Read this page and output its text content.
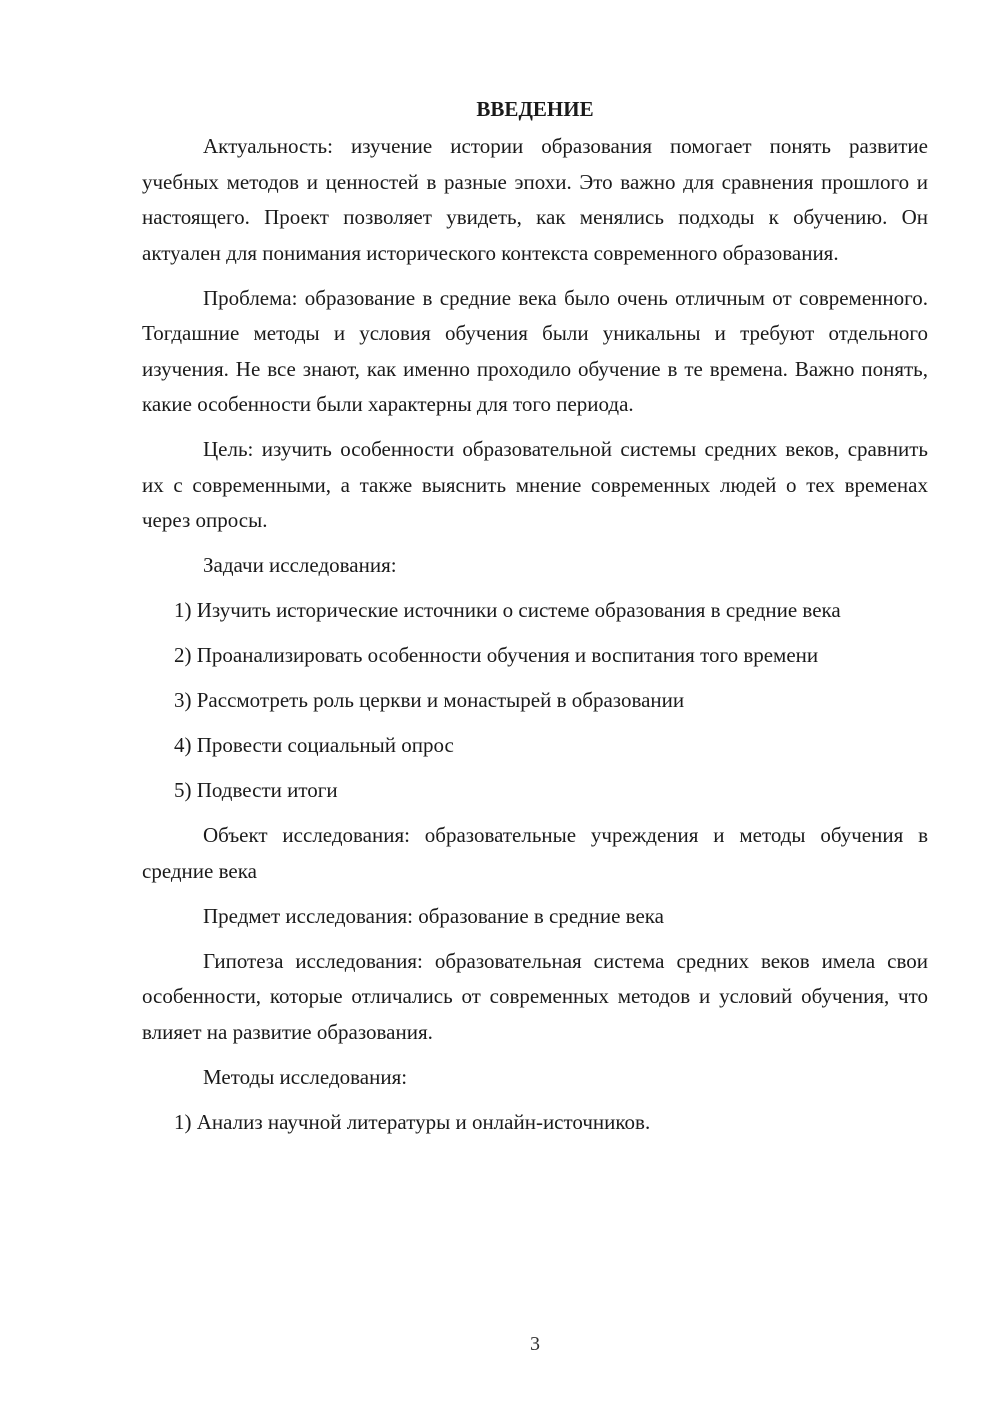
ВВЕДЕНИЕ

Актуальность: изучение истории образования помогает понять развитие учебных методов и ценностей в разные эпохи. Это важно для сравнения прошлого и настоящего. Проект позволяет увидеть, как менялись подходы к обучению. Он актуален для понимания исторического контекста современного образования.

Проблема: образование в средние века было очень отличным от современного. Тогдашние методы и условия обучения были уникальны и требуют отдельного изучения. Не все знают, как именно проходило обучение в те времена. Важно понять, какие особенности были характерны для того периода.

Цель: изучить особенности образовательной системы средних веков, сравнить их с современными, а также выяснить мнение современных людей о тех временах через опросы.

Задачи исследования:

1) Изучить исторические источники о системе образования в средние века

2) Проанализировать особенности обучения и воспитания того времени

3) Рассмотреть роль церкви и монастырей в образовании

4) Провести социальный опрос

5) Подвести итоги

Объект исследования: образовательные учреждения и методы обучения в средние века

Предмет исследования: образование в средние века

Гипотеза исследования: образовательная система средних веков имела свои особенности, которые отличались от современных методов и условий обучения, что влияет на развитие образования.

Методы исследования:

1) Анализ научной литературы и онлайн-источников.

3
